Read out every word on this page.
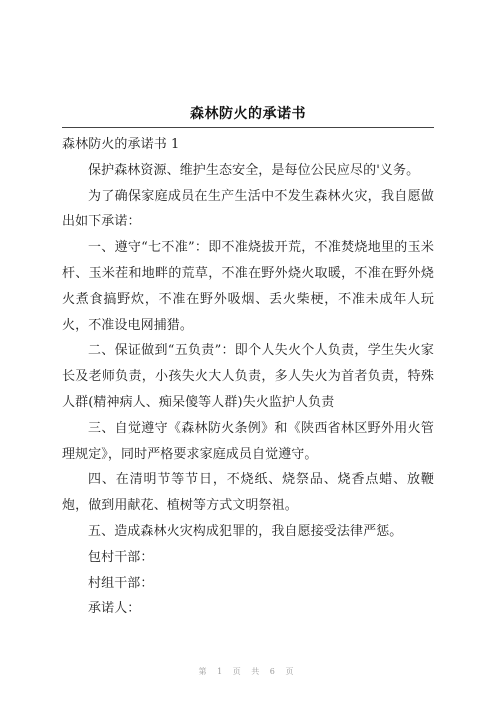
森林防火的承诺书

森林防火的承诺书 1

保护森林资源、维护生态安全，是每位公民应尽的'义务。

为了确保家庭成员在生产生活中不发生森林火灾，我自愿做出如下承诺：

一、遵守“七不准”：即不准烧拔开荒，不准焚烧地里的玉米杆、玉米茬和地畔的荒草，不准在野外烧火取暖，不准在野外烧火煮食搞野炊，不准在野外吸烟、丢火柴梗，不准未成年人玩火，不准设电网捕猎。

二、保证做到“五负责”：即个人失火个人负责，学生失火家长及老师负责，小孩失火大人负责，多人失火为首者负责，特殊人群(精神病人、痴呆傻等人群)失火监护人负责

三、自觉遵守《森林防火条例》和《陕西省林区野外用火管理规定》，同时严格要求家庭成员自觉遵守。

四、在清明节等节日，不烧纸、烧祭品、烧香点蜡、放鞭炮，做到用献花、植树等方式文明祭祖。

五、造成森林火灾构成犯罪的，我自愿接受法律严惩。

包村干部：

村组干部：

承诺人：

第 1 页 共 6 页
